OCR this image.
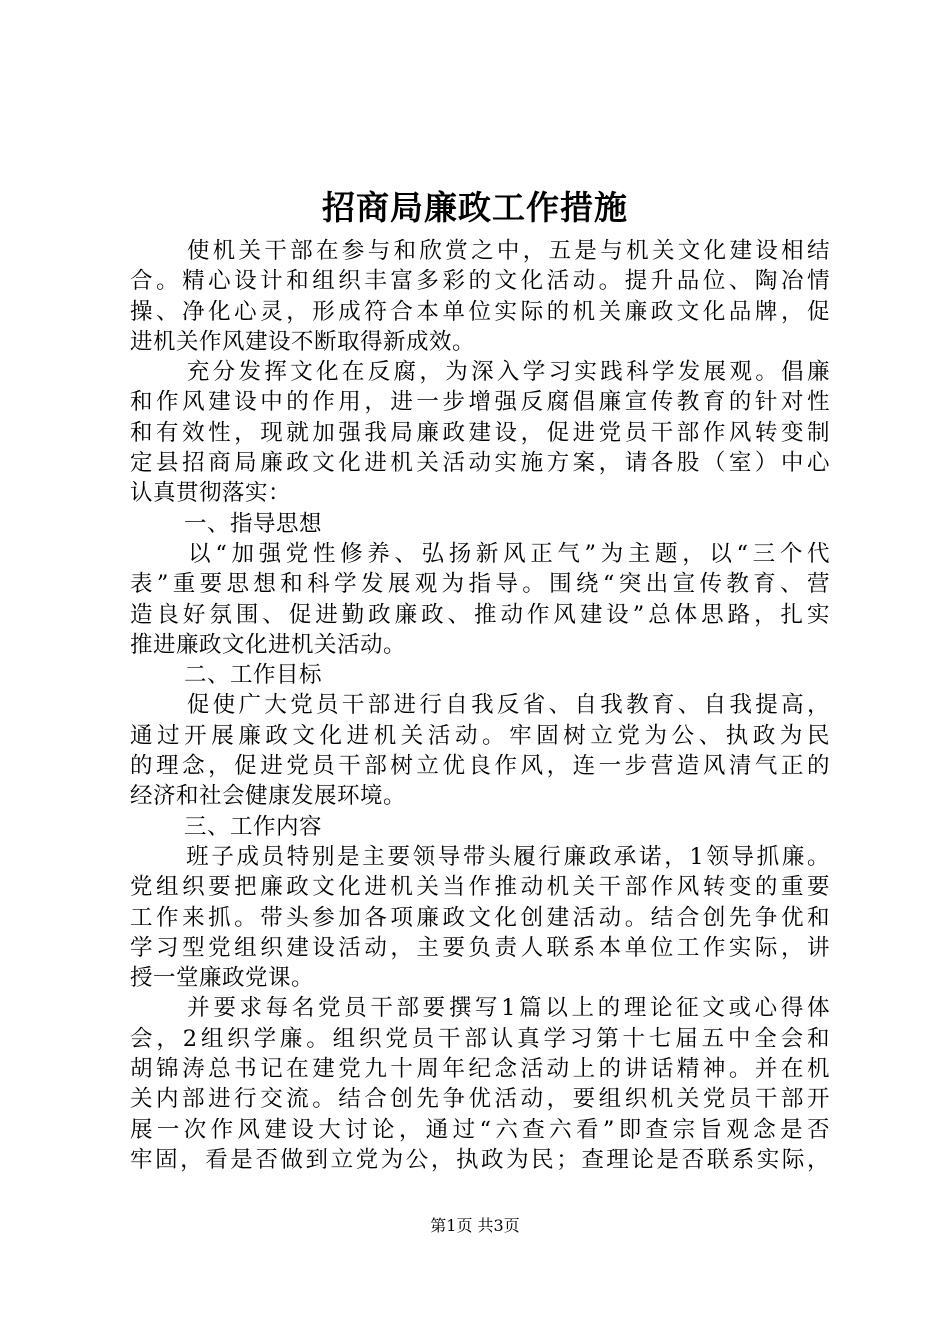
招商局廉政工作措施
使机关干部在参与和欣赏之中，五是与机关文化建设相结
合。精心设计和组织丰富多彩的文化活动。提升品位、陶冶情
操、净化心灵，形成符合本单位实际的机关廉政文化品牌，促
进机关作风建设不断取得新成效。
充分发挥文化在反腐，为深入学习实践科学发展观。倡廉
和作风建设中的作用，进一步增强反腐倡廉宣传教育的针对性
和有效性，现就加强我局廉政建设，促进党员干部作风转变制
定县招商局廉政文化进机关活动实施方案，请各股（室）中心
认真贯彻落实：
一、指导思想
以“加强党性修养、弘扬新风正气”为主题，以“三个代
表”重要思想和科学发展观为指导。围绕“突出宣传教育、营
造良好氛围、促进勤政廉政、推动作风建设”总体思路，扎实
推进廉政文化进机关活动。
二、工作目标
促使广大党员干部进行自我反省、自我教育、自我提高，
通过开展廉政文化进机关活动。牢固树立党为公、执政为民
的理念，促进党员干部树立优良作风，连一步营造风清气正的
经济和社会健康发展环境。
三、工作内容
班子成员特别是主要领导带头履行廉政承诺，1领导抓廉。
党组织要把廉政文化进机关当作推动机关干部作风转变的重要
工作来抓。带头参加各项廉政文化创建活动。结合创先争优和
学习型党组织建设活动，主要负责人联系本单位工作实际，讲
授一堂廉政党课。
并要求每名党员干部要撰写1篇以上的理论征文或心得体
会，2组织学廉。组织党员干部认真学习第十七届五中全会和
胡锦涛总书记在建党九十周年纪念活动上的讲话精神。并在机
关内部进行交流。结合创先争优活动，要组织机关党员干部开
展一次作风建设大讨论，通过“六查六看”即查宗旨观念是否
牢固，看是否做到立党为公，执政为民；查理论是否联系实际，
第1页 共3页
